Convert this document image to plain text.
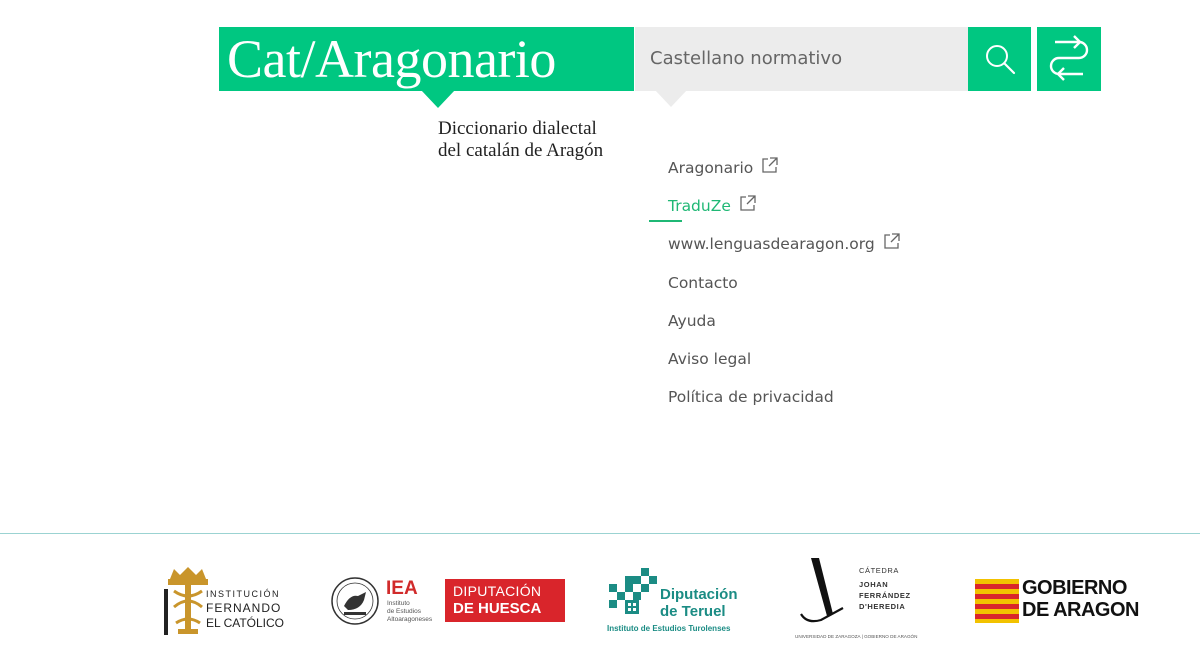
Cat/Aragonario
Diccionario dialectal
del catalán de Aragón
Castellano normativo
Aragonario
TraduZe
www.lenguasdearagon.org
Contacto
Ayuda
Aviso legal
Política de privacidad
INSTITUCIÓN
FERNANDO
EL CATÓLICO
IEA
Instituto
de Estudios
Altoaragoneses
DIPUTACIÓN
DE HUESCA
Diputación
de Teruel
Instituto de Estudios Turolenses
CÁTEDRA
JOHAN
FERRÁNDEZ
D'HEREDIA
UNIVERSIDAD DE ZARAGOZA | GOBIERNO DE ARAGÓN
GOBIERNO
DE ARAGON
